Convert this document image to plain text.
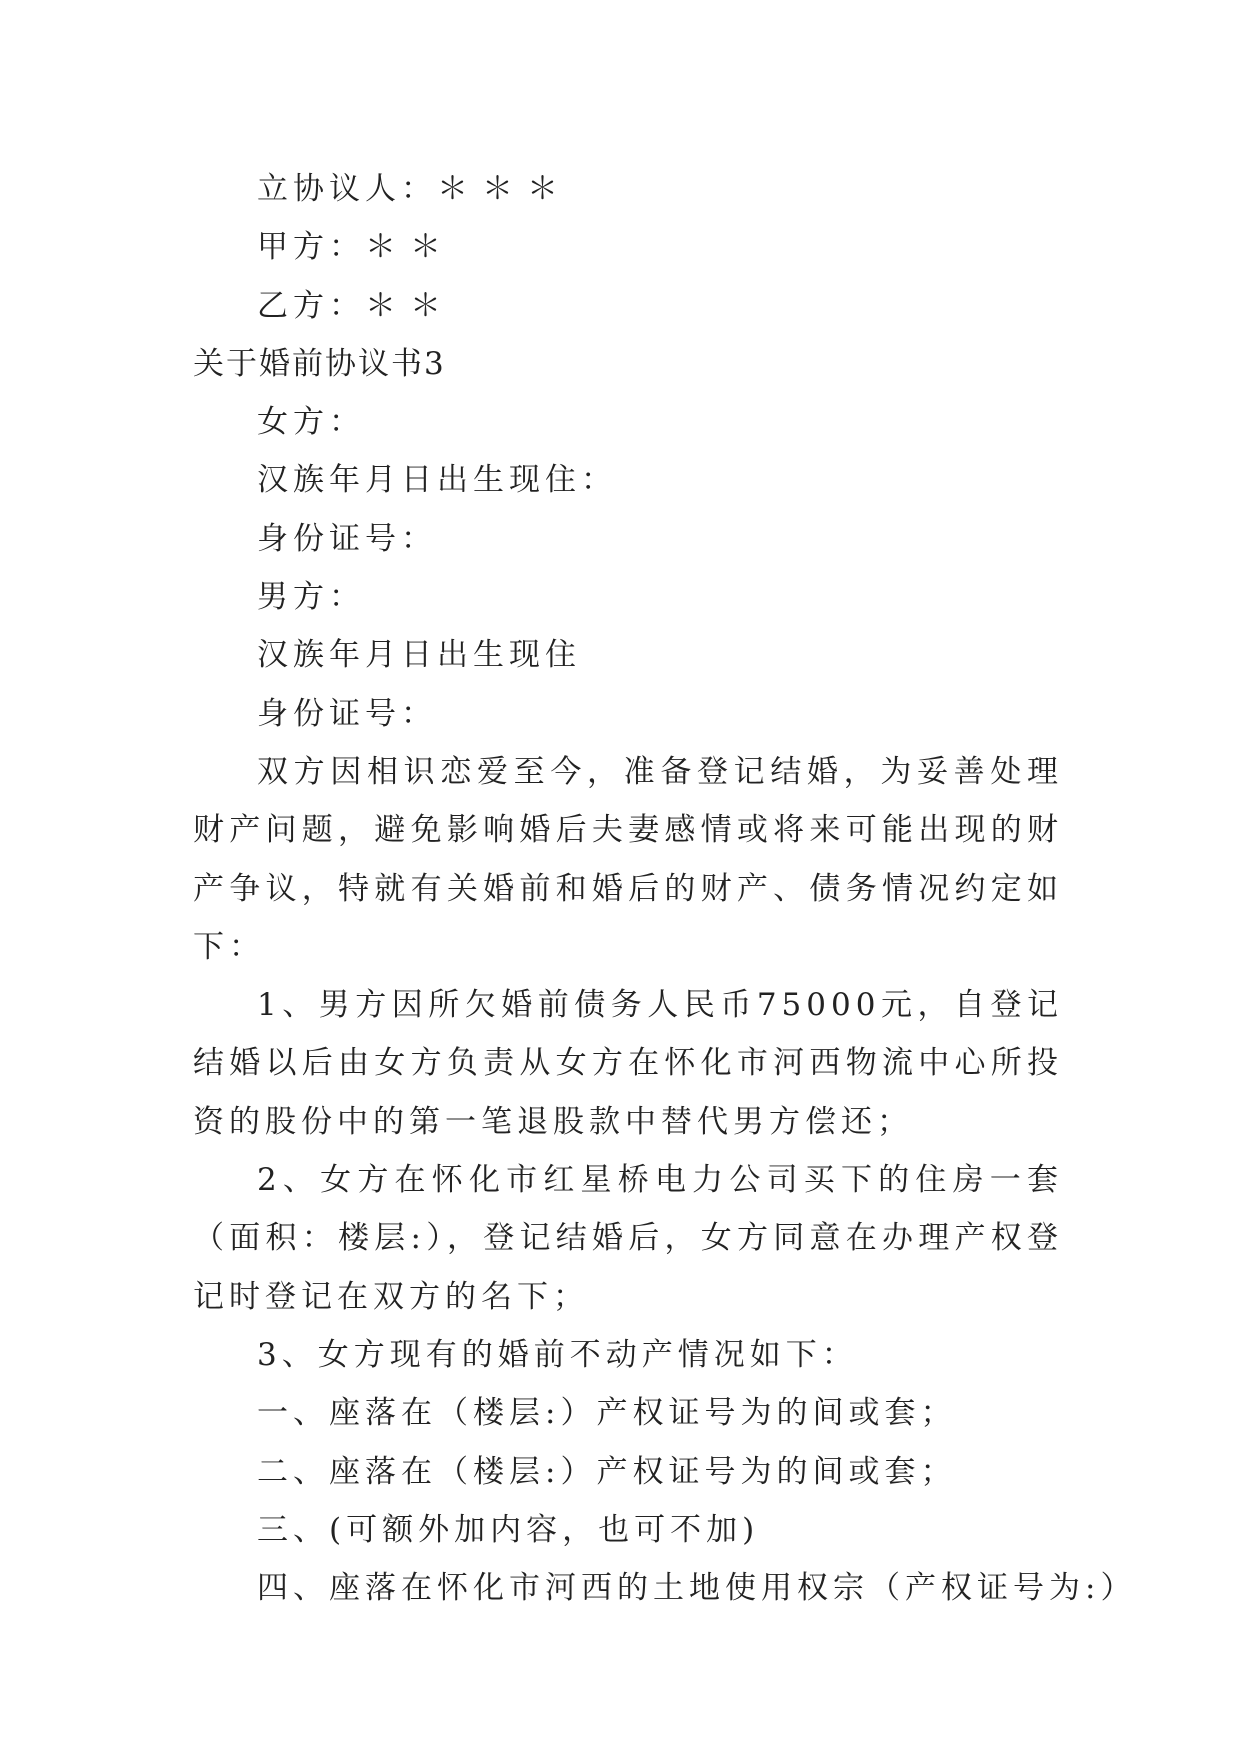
立协议人：＊＊＊

甲方：＊＊

乙方：＊＊

关于婚前协议书3

女方：

汉族年月日出生现住：

身份证号：

男方：

汉族年月日出生现住

身份证号：

双方因相识恋爱至今，准备登记结婚，为妥善处理财产问题，避免影响婚后夫妻感情或将来可能出现的财产争议，特就有关婚前和婚后的财产、债务情况约定如下：

1、男方因所欠婚前债务人民币75000元，自登记结婚以后由女方负责从女方在怀化市河西物流中心所投资的股份中的第一笔退股款中替代男方偿还；

2、女方在怀化市红星桥电力公司买下的住房一套（面积：楼层:），登记结婚后，女方同意在办理产权登记时登记在双方的名下；

3、女方现有的婚前不动产情况如下：

一、座落在（楼层:）产权证号为的间或套；

二、座落在（楼层:）产权证号为的间或套；

三、(可额外加内容，也可不加)

四、座落在怀化市河西的土地使用权宗（产权证号为:）
